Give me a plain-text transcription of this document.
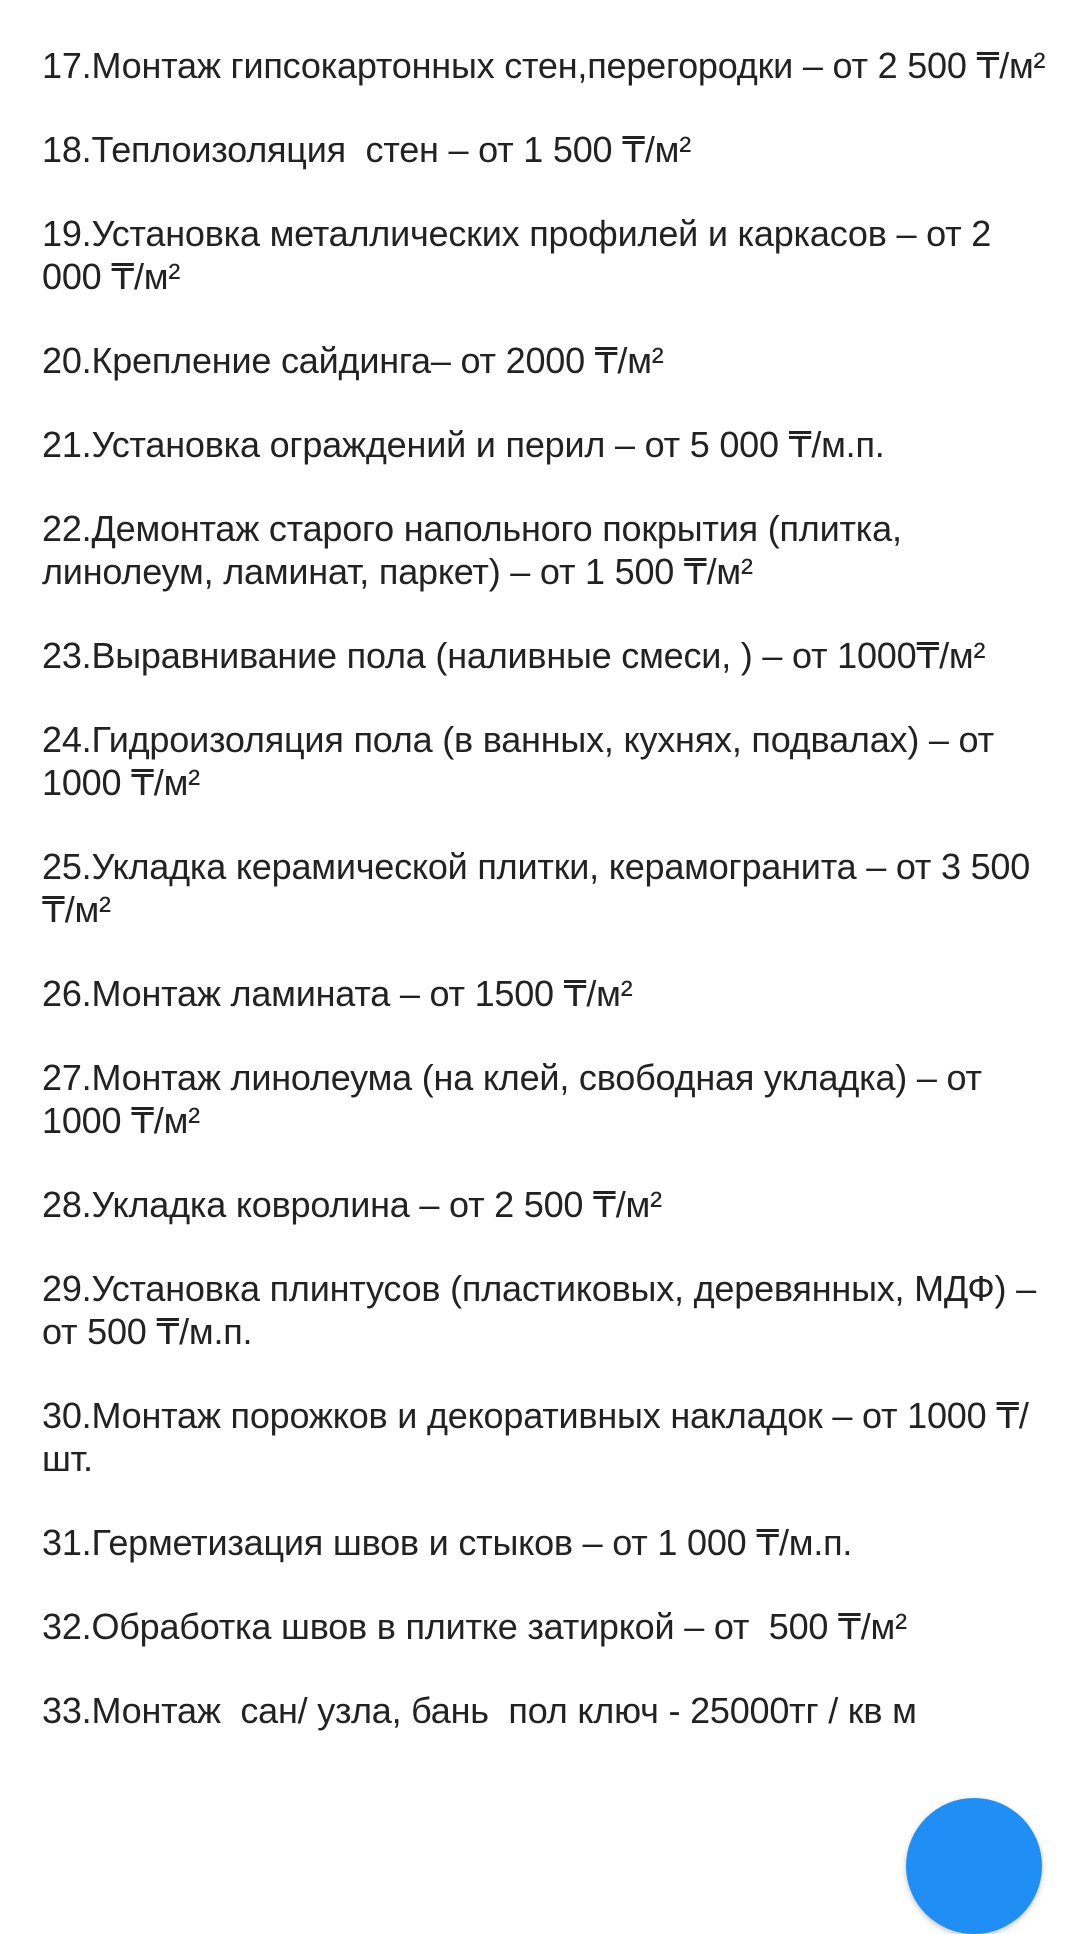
17.Монтаж гипсокартонных стен,перегородки – от 2 500 ₸/м²

18.Теплоизоляция  стен – от 1 500 ₸/м²

19.Установка металлических профилей и каркасов – от 2 000 ₸/м²

20.Крепление сайдинга– от 2000 ₸/м²

21.Установка ограждений и перил – от 5 000 ₸/м.п.

22.Демонтаж старого напольного покрытия (плитка, линолеум, ламинат, паркет) – от 1 500 ₸/м²

23.Выравнивание пола (наливные смеси, ) – от 1000₸/м²

24.Гидроизоляция пола (в ванных, кухнях, подвалах) – от  1000 ₸/м²

25.Укладка керамической плитки, керамогранита – от 3 500 ₸/м²

26.Монтаж ламината – от 1500 ₸/м²

27.Монтаж линолеума (на клей, свободная укладка) – от 1000 ₸/м²

28.Укладка ковролина – от 2 500 ₸/м²

29.Установка плинтусов (пластиковых, деревянных, МДФ) – от 500 ₸/м.п.

30.Монтаж порожков и декоративных накладок – от 1000 ₸/шт.

31.Герметизация швов и стыков – от 1 000 ₸/м.п.

32.Обработка швов в плитке затиркой – от  500 ₸/м²

33.Монтаж  сан/ узла, бань  пол ключ - 25000тг / кв м
